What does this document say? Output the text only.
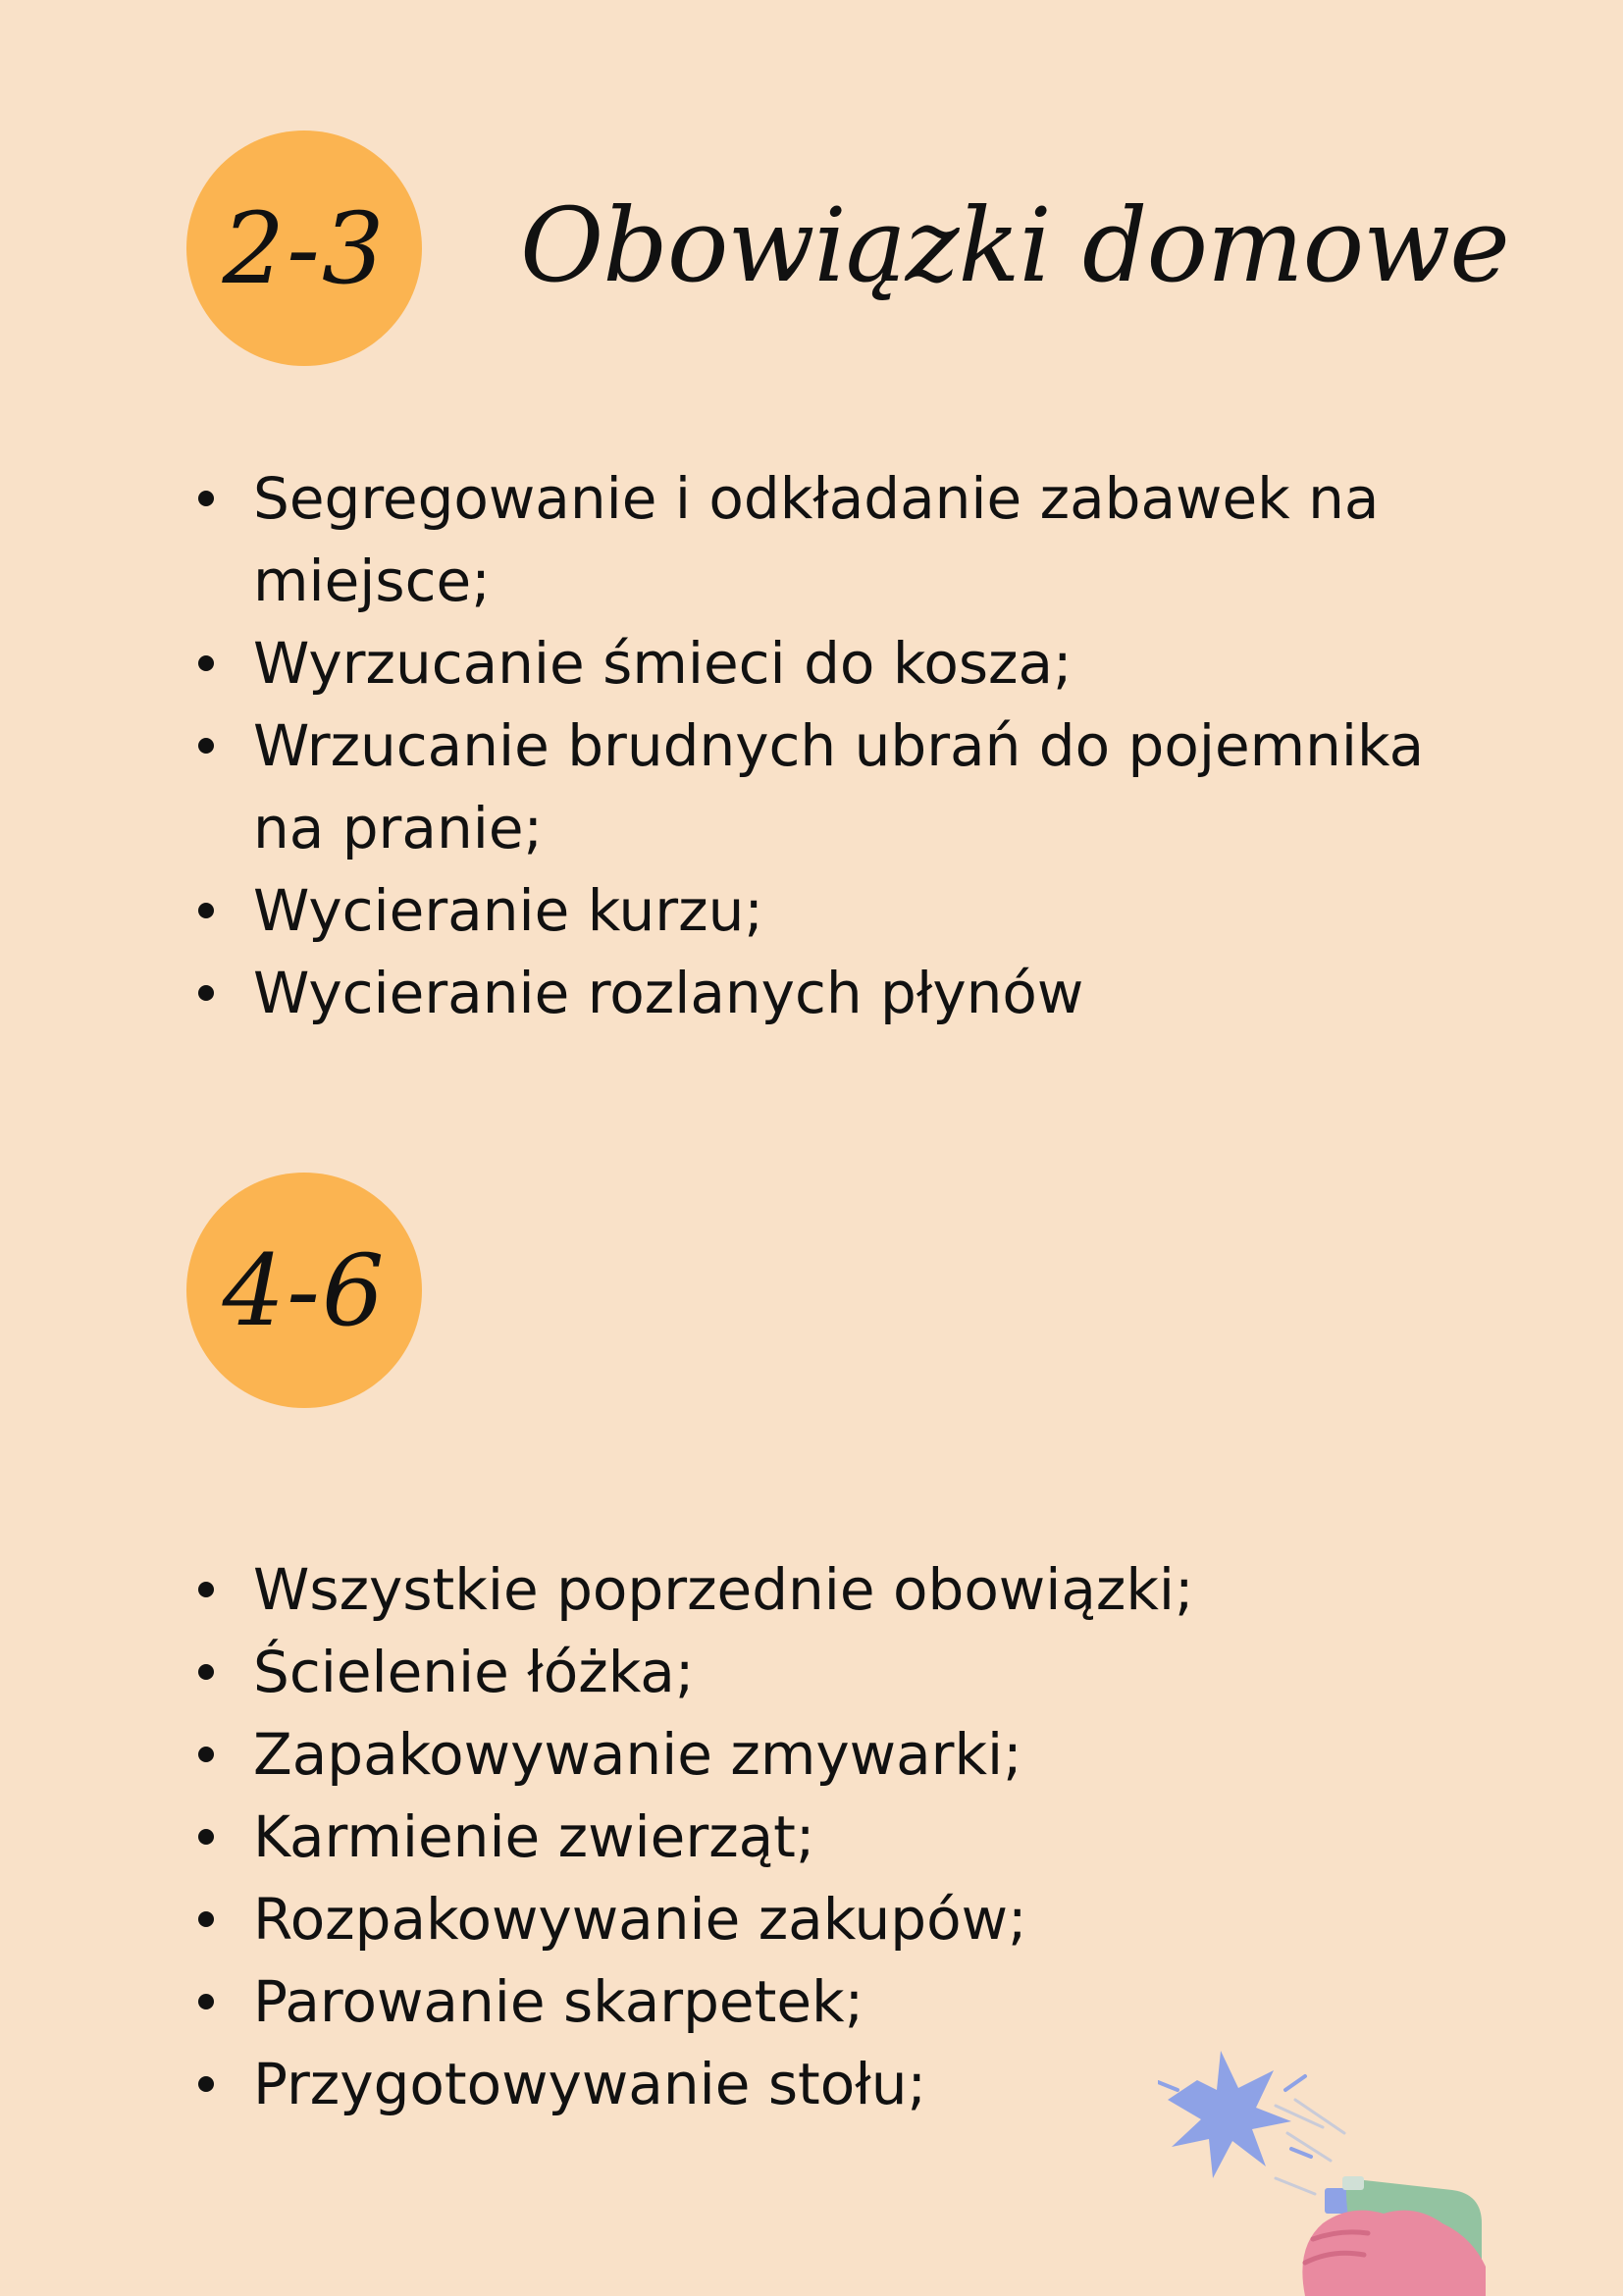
2-3 Obowiązki domowe
Segregowanie i odkładanie zabawek na miejsce;
Wyrzucanie śmieci do kosza;
Wrzucanie brudnych ubrań do pojemnika na pranie;
Wycieranie kurzu;
Wycieranie rozlanych płynów
4-6
Wszystkie poprzednie obowiązki;
Ścielenie łóżka;
Zapakowywanie zmywarki;
Karmienie zwierząt;
Rozpakowywanie zakupów;
Parowanie skarpetek;
Przygotowywanie stołu;
